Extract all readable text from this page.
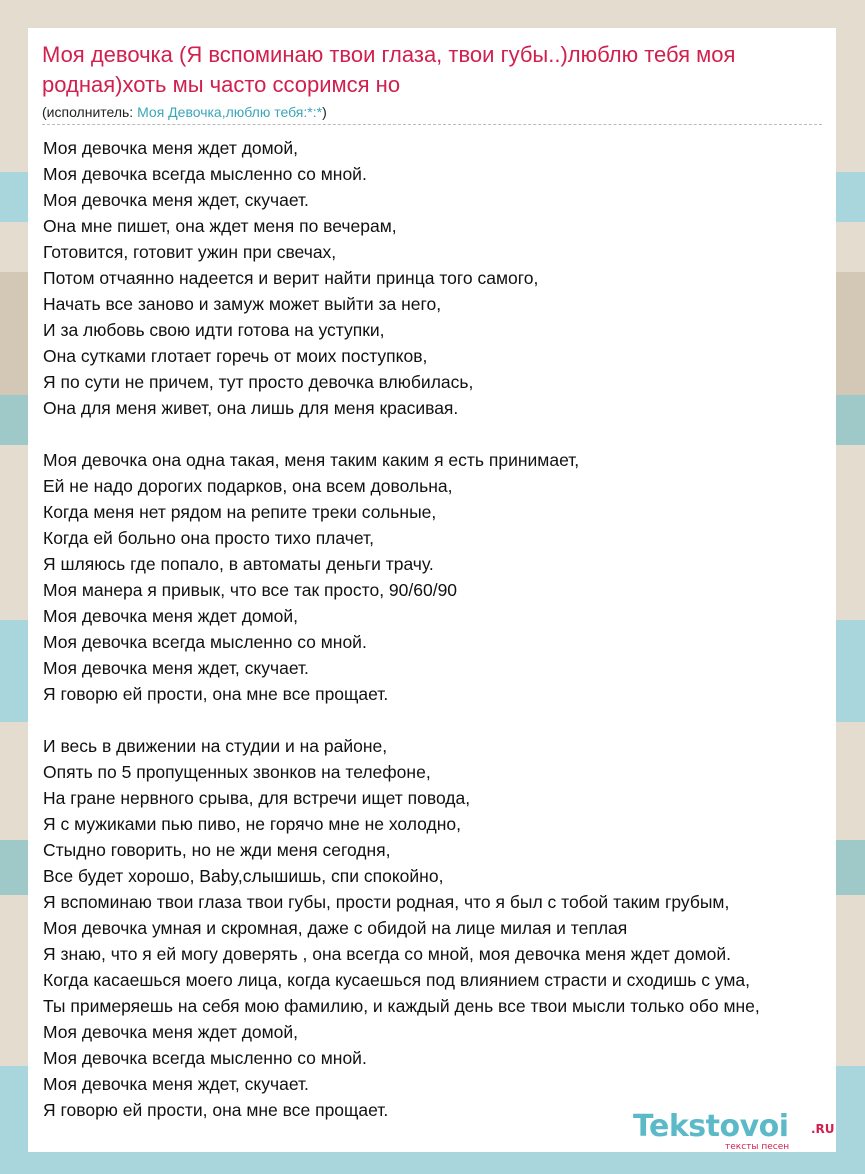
Моя девочка (Я вспоминаю твои глаза, твои губы..)люблю тебя моя родная)хоть мы часто ссоримся но
(исполнитель: Моя Девочка,люблю тебя:*:*)
Моя девочка меня ждет домой,
Моя девочка всегда мысленно со мной.
Моя девочка меня ждет, скучает.
Она мне пишет, она ждет меня по вечерам,
Готовится, готовит ужин при свечах,
Потом отчаянно надеется и верит найти принца того самого,
Начать все заново и замуж может выйти за него,
И за любовь свою идти готова на уступки,
Она сутками глотает горечь от моих поступков,
Я по сути не причем, тут просто девочка влюбилась,
Она для меня живет, она лишь для меня красивая.
Моя девочка она одна такая, меня таким каким я есть принимает,
Ей не надо дорогих подарков, она всем довольна,
Когда меня нет рядом на репите треки сольные,
Когда ей больно она просто тихо плачет,
Я шляюсь где попало, в автоматы деньги трачу.
Моя манера я привык, что все так просто, 90/60/90
Моя девочка меня ждет домой,
Моя девочка всегда мысленно со мной.
Моя девочка меня ждет, скучает.
Я говорю ей прости, она мне все прощает.
И весь в движении на студии и на районе,
Опять по 5 пропущенных звонков на телефоне,
На гране нервного срыва, для встречи ищет повода,
Я с мужиками пью пиво, не горячо мне не холодно,
Стыдно говорить, но не жди меня сегодня,
Все будет хорошо, Baby,слышишь, спи спокойно,
Я вспоминаю твои глаза твои губы, прости родная, что я был с тобой таким грубым,
Моя девочка умная и скромная, даже с обидой на лице милая и теплая
Я знаю, что я ей могу доверять , она всегда со мной, моя девочка меня ждет домой.
Когда касаешься моего лица, когда кусаешься под влиянием страсти и сходишь с ума,
Ты примеряешь на себя мою фамилию, и каждый день все твои мысли только обо мне,
Моя девочка меня ждет домой,
Моя девочка всегда мысленно со мной.
Моя девочка меня ждет, скучает.
Я говорю ей прости, она мне все прощает.	Tekstovoi .RU
тексты песен
